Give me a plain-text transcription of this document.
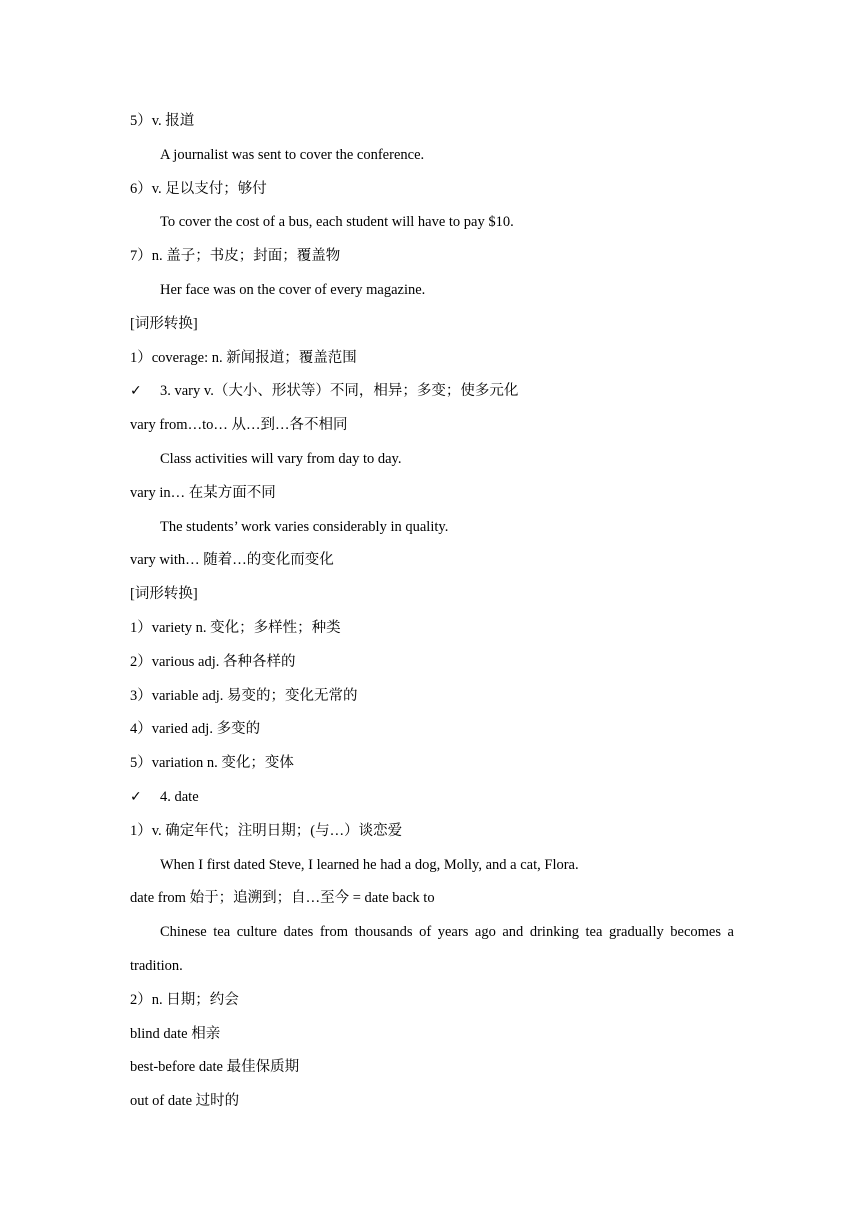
5）v. 报道
A journalist was sent to cover the conference.
6）v. 足以支付；够付
To cover the cost of a bus, each student will have to pay $10.
7）n. 盖子；书皮；封面；覆盖物
Her face was on the cover of every magazine.
[词形转换]
1）coverage: n. 新闻报道；覆盖范围
✓ 3. vary v.（大小、形状等）不同，相异；多变；使多元化
vary from…to… 从…到…各不相同
Class activities will vary from day to day.
vary in… 在某方面不同
The students’ work varies considerably in quality.
vary with… 随着…的变化而变化
[词形转换]
1）variety n. 变化；多样性；种类
2）various adj. 各种各样的
3）variable adj. 易变的；变化无常的
4）varied adj. 多变的
5）variation n. 变化；变体
✓ 4. date
1）v. 确定年代；注明日期；(与…）谈恋爱
When I first dated Steve, I learned he had a dog, Molly, and a cat, Flora.
date from 始于；追溯到；自…至今 = date back to
Chinese tea culture dates from thousands of years ago and drinking tea gradually becomes a
tradition.
2）n. 日期；约会
blind date 相亲
best-before date 最佳保质期
out of date 过时的
